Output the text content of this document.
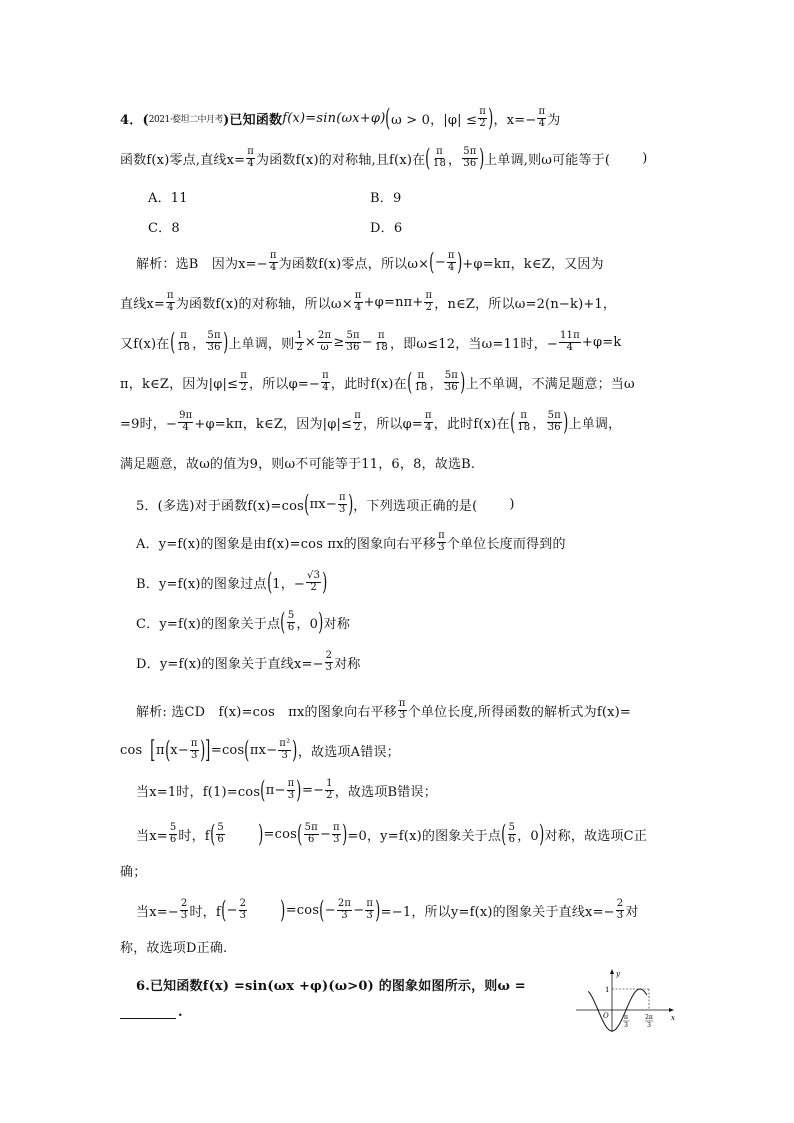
4．( 2021·婺坦二中月考 )已知函数 f(x)=sin(ωx+φ) ( ω > 0，$|\varphi| \le \frac{\pi}{2}$ ) ，$x=- \frac{\pi}{4}$ 为
函数f(x)零点,直线$x= \frac{\pi}{4}$ 为函数f(x)的对称轴,且f(x)在 ( $\frac{\pi}{18}$ ， $\frac{5\pi}{36}$ ) 上单调,则ω可能等于( )
A．11	B．9
C．8	D．6
解析：选B　因为$x=- \frac{\pi}{4}$ 为函数f(x)零点，所以ω× ( − $\frac{\pi}{4}$ ) +φ=kπ，k∈Z，又因为
直线$x= \frac{\pi}{4}$ 为函数f(x)的对称轴，所以$\omega\times \frac{\pi}{4} +\varphi=n\pi+ \frac{\pi}{2}$ ，n∈Z，所以ω=2(n−k)+1，
又f(x)在 ( $\frac{\pi}{18}$ ， $\frac{5\pi}{36}$ ) 上单调，则 $\frac{1}{2} \times \frac{2\pi}{\omega} \ge \frac{5\pi}{36} - \frac{\pi}{18}$ ，即ω≤12，当ω=11时，− $\frac{11\pi}{4} +\varphi=k$
π，k∈Z，因为$|\varphi|\le \frac{\pi}{2}$ ，所以$\varphi=- \frac{\pi}{4}$ ，此时f(x)在 ( $\frac{\pi}{18}$ ， $\frac{5\pi}{36}$ ) 上不单调，不满足题意；当ω
=9时，− $\frac{9\pi}{4} +\varphi=k\pi$，k∈Z，因为$|\varphi|\le \frac{\pi}{2}$ ，所以$\varphi= \frac{\pi}{4}$ ，此时f(x)在 ( $\frac{\pi}{18}$ ， $\frac{5\pi}{36}$ ) 上单调，
满足题意，故ω的值为9，则ω不可能等于11，6，8，故选B.
5．(多选)对于函数f(x)=cos ( $\pi x- \frac{\pi}{3}$ ) ，下列选项正确的是( )
A．y=f(x)的图象是由f(x)=cos πx的图象向右平移 $\frac{\pi}{3}$ 个单位长度而得到的
B．y=f(x)的图象过点 ( 1，− $\frac{√3}{2}$ )
C．y=f(x)的图象关于点 ( $\frac{5}{6}$ ，0 ) 对称
D．y=f(x)的图象关于直线$x=- \frac{2}{3}$ 对称
解析: 选CD　f(x)=cos　πx的图象向右平移 $\frac{\pi}{3}$ 个单位长度,所得函数的解析式为f(x)=
cos [ π ( $x- \frac{\pi}{3}$ ) ] =cos ( $\pi x- \frac{\text{π²}}{3}$ ) ，故选项A错误；
当x=1时，f(1)=cos ( $\pi- \frac{\pi}{3}$ ) =− $\frac{1}{2}$ ，故选项B错误；
当$x= \frac{5}{6}$ 时，f ( $\frac{5}{6}$ ) =cos ( $\frac{5\pi}{6} - \frac{\pi}{3}$ ) =0，y=f(x)的图象关于点 ( $\frac{5}{6}$ ，0 ) 对称，故选项C正
确；
当$x=- \frac{2}{3}$ 时，f ( − $\frac{2}{3}$ ) =cos ( − $\frac{2\pi}{3} - \frac{\pi}{3}$ ) =−1，所以y=f(x)的图象关于直线$x=- \frac{2}{3}$ 对
称，故选项D正确.
6.已知函数f(x) =sin(ωx +φ)(ω>0) 的图象如图所示，则ω =
.
y
x
1
O	π
3
2π
3
